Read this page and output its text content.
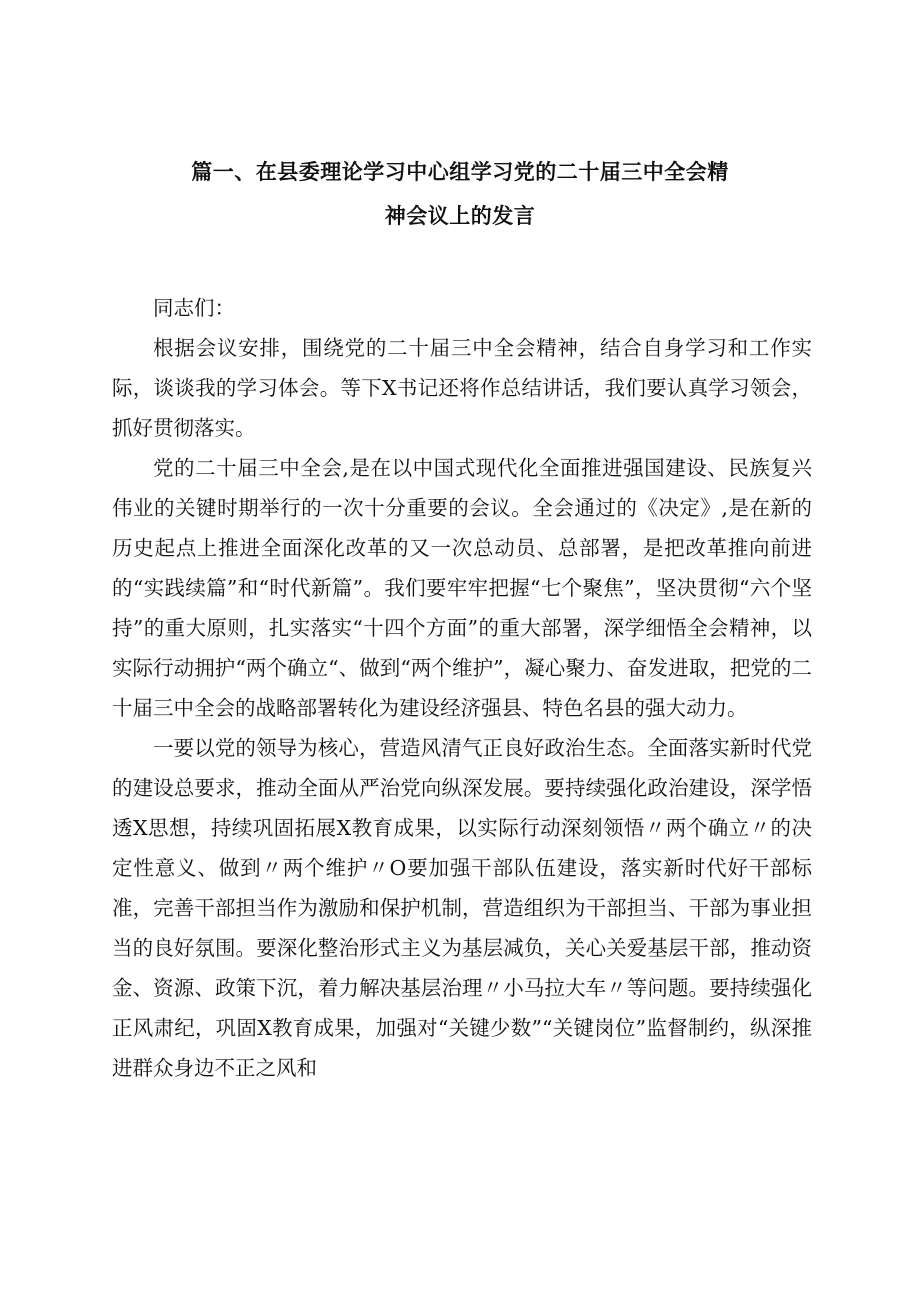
篇一、在县委理论学习中心组学习党的二十届三中全会精
神会议上的发言

同志们：

根据会议安排，围绕党的二十届三中全会精神，结合自身学习和工作实际，谈谈我的学习体会。等下X书记还将作总结讲话，我们要认真学习领会，抓好贯彻落实。

党的二十届三中全会,是在以中国式现代化全面推进强国建设、民族复兴伟业的关键时期举行的一次十分重要的会议。全会通过的《决定》,是在新的历史起点上推进全面深化改革的又一次总动员、总部署，是把改革推向前进的“实践续篇”和“时代新篇”。我们要牢牢把握“七个聚焦”，坚决贯彻“六个坚持”的重大原则，扎实落实“十四个方面”的重大部署，深学细悟全会精神，以实际行动拥护“两个确立“、做到“两个维护”，凝心聚力、奋发进取，把党的二十届三中全会的战略部署转化为建设经济强县、特色名县的强大动力。

一要以党的领导为核心，营造风清气正良好政治生态。全面落实新时代党的建设总要求，推动全面从严治党向纵深发展。要持续强化政治建设，深学悟透X思想，持续巩固拓展X教育成果，以实际行动深刻领悟〃两个确立〃的决定性意义、做到〃两个维护〃O要加强干部队伍建设，落实新时代好干部标准，完善干部担当作为激励和保护机制，营造组织为干部担当、干部为事业担当的良好氛围。要深化整治形式主义为基层减负，关心关爱基层干部，推动资金、资源、政策下沉，着力解决基层治理〃小马拉大车〃等问题。要持续强化正风肃纪，巩固X教育成果，加强对“关键少数”“关键岗位”监督制约，纵深推进群众身边不正之风和
